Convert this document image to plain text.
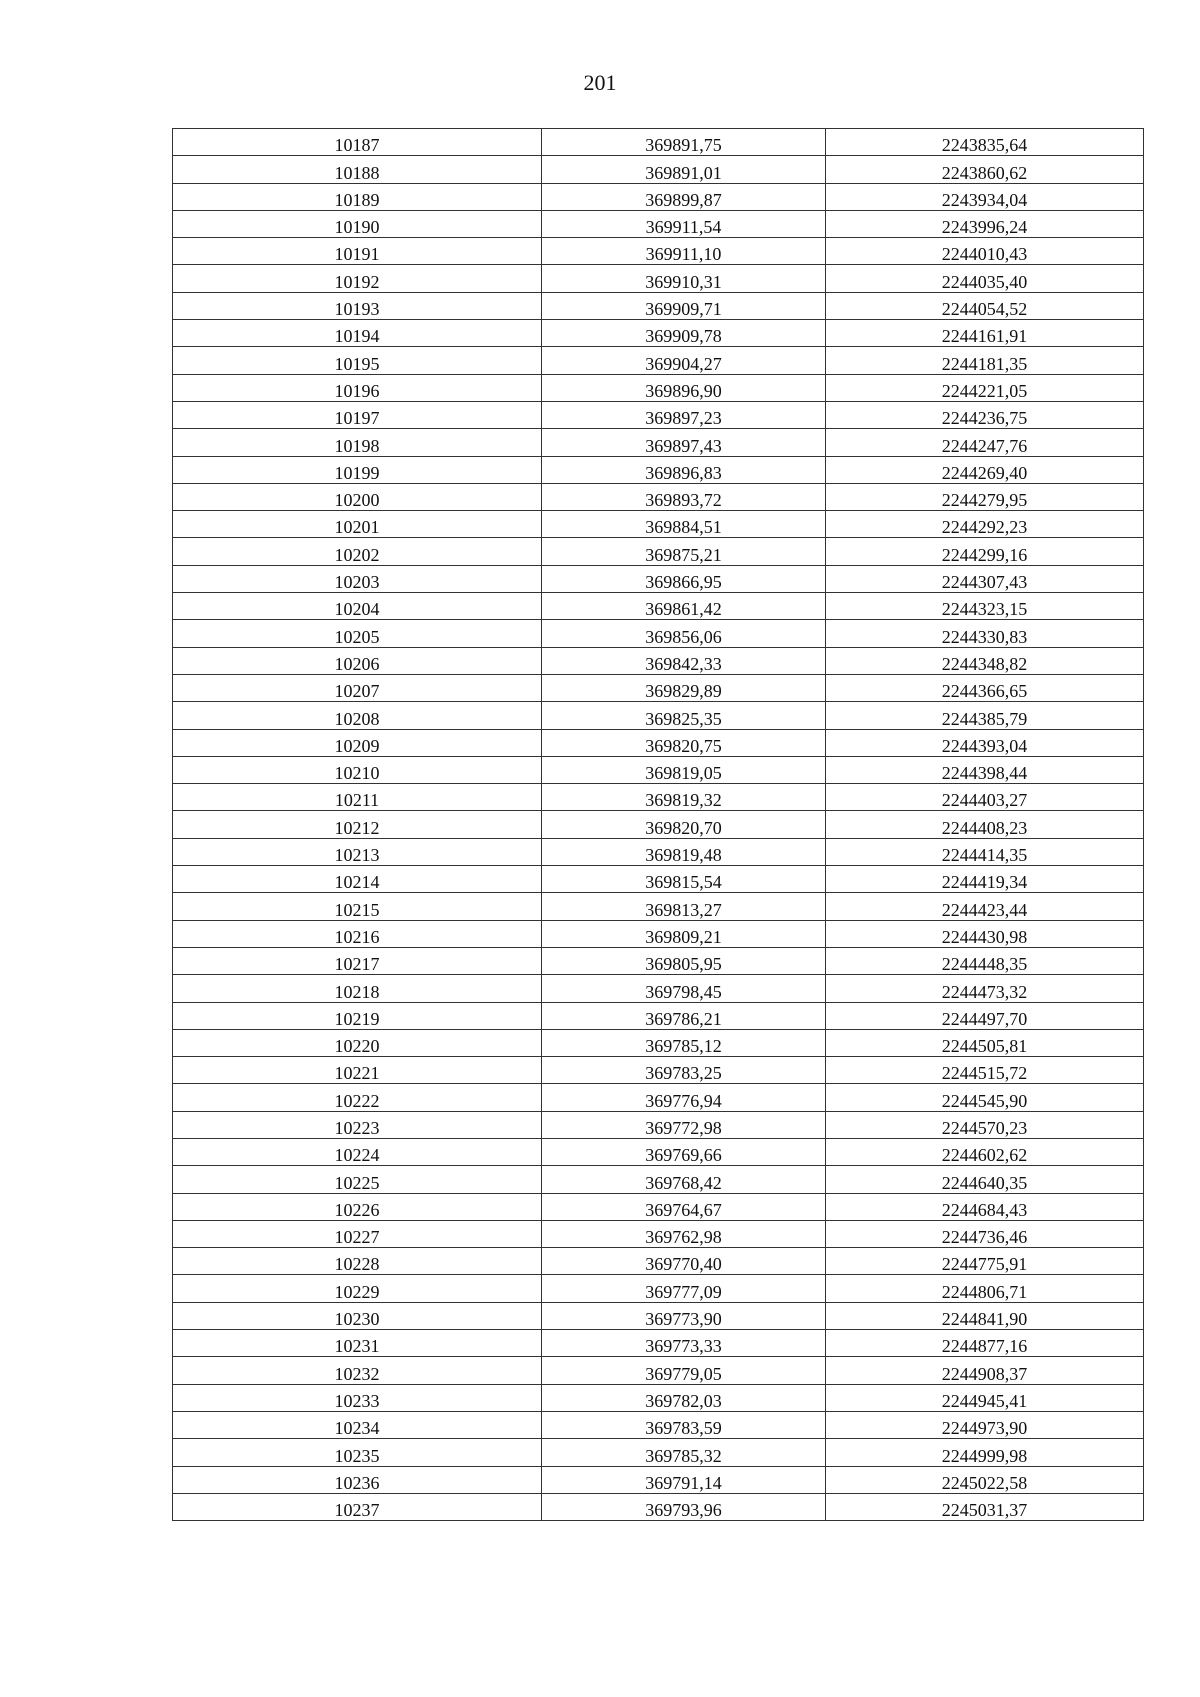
201
10187	369891,75	2243835,64
10188	369891,01	2243860,62
10189	369899,87	2243934,04
10190	369911,54	2243996,24
10191	369911,10	2244010,43
10192	369910,31	2244035,40
10193	369909,71	2244054,52
10194	369909,78	2244161,91
10195	369904,27	2244181,35
10196	369896,90	2244221,05
10197	369897,23	2244236,75
10198	369897,43	2244247,76
10199	369896,83	2244269,40
10200	369893,72	2244279,95
10201	369884,51	2244292,23
10202	369875,21	2244299,16
10203	369866,95	2244307,43
10204	369861,42	2244323,15
10205	369856,06	2244330,83
10206	369842,33	2244348,82
10207	369829,89	2244366,65
10208	369825,35	2244385,79
10209	369820,75	2244393,04
10210	369819,05	2244398,44
10211	369819,32	2244403,27
10212	369820,70	2244408,23
10213	369819,48	2244414,35
10214	369815,54	2244419,34
10215	369813,27	2244423,44
10216	369809,21	2244430,98
10217	369805,95	2244448,35
10218	369798,45	2244473,32
10219	369786,21	2244497,70
10220	369785,12	2244505,81
10221	369783,25	2244515,72
10222	369776,94	2244545,90
10223	369772,98	2244570,23
10224	369769,66	2244602,62
10225	369768,42	2244640,35
10226	369764,67	2244684,43
10227	369762,98	2244736,46
10228	369770,40	2244775,91
10229	369777,09	2244806,71
10230	369773,90	2244841,90
10231	369773,33	2244877,16
10232	369779,05	2244908,37
10233	369782,03	2244945,41
10234	369783,59	2244973,90
10235	369785,32	2244999,98
10236	369791,14	2245022,58
10237	369793,96	2245031,37
